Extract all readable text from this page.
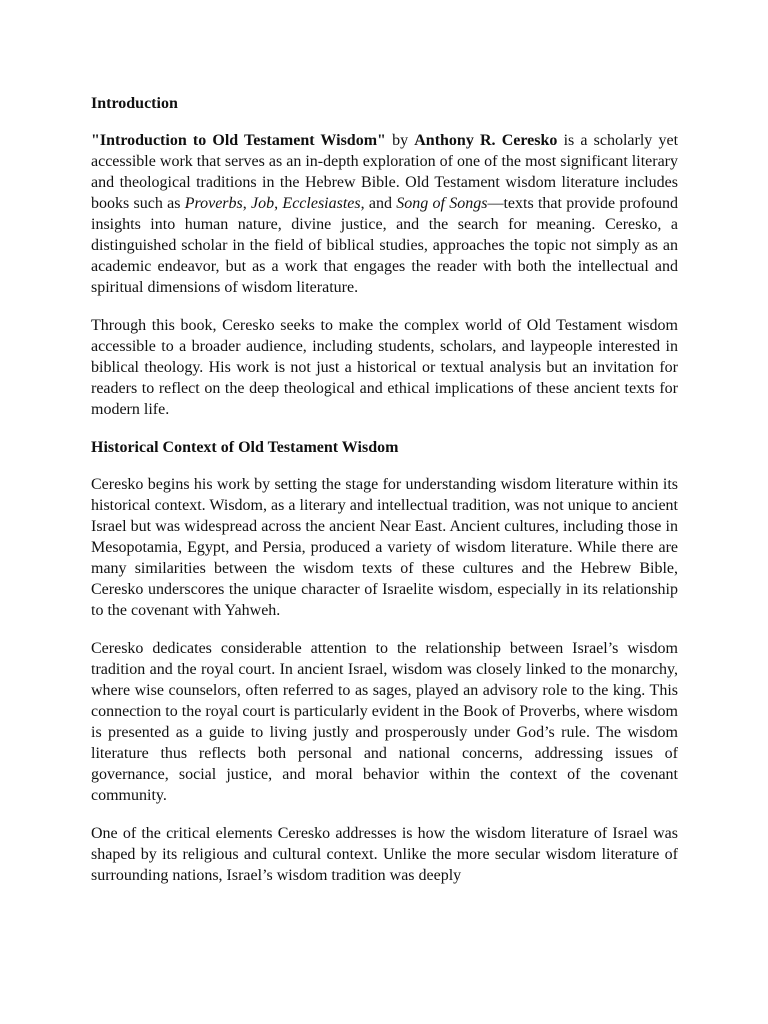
Introduction

"Introduction to Old Testament Wisdom" by Anthony R. Ceresko is a scholarly yet accessible work that serves as an in-depth exploration of one of the most significant literary and theological traditions in the Hebrew Bible. Old Testament wisdom literature includes books such as Proverbs, Job, Ecclesiastes, and Song of Songs—texts that provide profound insights into human nature, divine justice, and the search for meaning. Ceresko, a distinguished scholar in the field of biblical studies, approaches the topic not simply as an academic endeavor, but as a work that engages the reader with both the intellectual and spiritual dimensions of wisdom literature.

Through this book, Ceresko seeks to make the complex world of Old Testament wisdom accessible to a broader audience, including students, scholars, and laypeople interested in biblical theology. His work is not just a historical or textual analysis but an invitation for readers to reflect on the deep theological and ethical implications of these ancient texts for modern life.

Historical Context of Old Testament Wisdom

Ceresko begins his work by setting the stage for understanding wisdom literature within its historical context. Wisdom, as a literary and intellectual tradition, was not unique to ancient Israel but was widespread across the ancient Near East. Ancient cultures, including those in Mesopotamia, Egypt, and Persia, produced a variety of wisdom literature. While there are many similarities between the wisdom texts of these cultures and the Hebrew Bible, Ceresko underscores the unique character of Israelite wisdom, especially in its relationship to the covenant with Yahweh.

Ceresko dedicates considerable attention to the relationship between Israel’s wisdom tradition and the royal court. In ancient Israel, wisdom was closely linked to the monarchy, where wise counselors, often referred to as sages, played an advisory role to the king. This connection to the royal court is particularly evident in the Book of Proverbs, where wisdom is presented as a guide to living justly and prosperously under God’s rule. The wisdom literature thus reflects both personal and national concerns, addressing issues of governance, social justice, and moral behavior within the context of the covenant community.

One of the critical elements Ceresko addresses is how the wisdom literature of Israel was shaped by its religious and cultural context. Unlike the more secular wisdom literature of surrounding nations, Israel’s wisdom tradition was deeply
